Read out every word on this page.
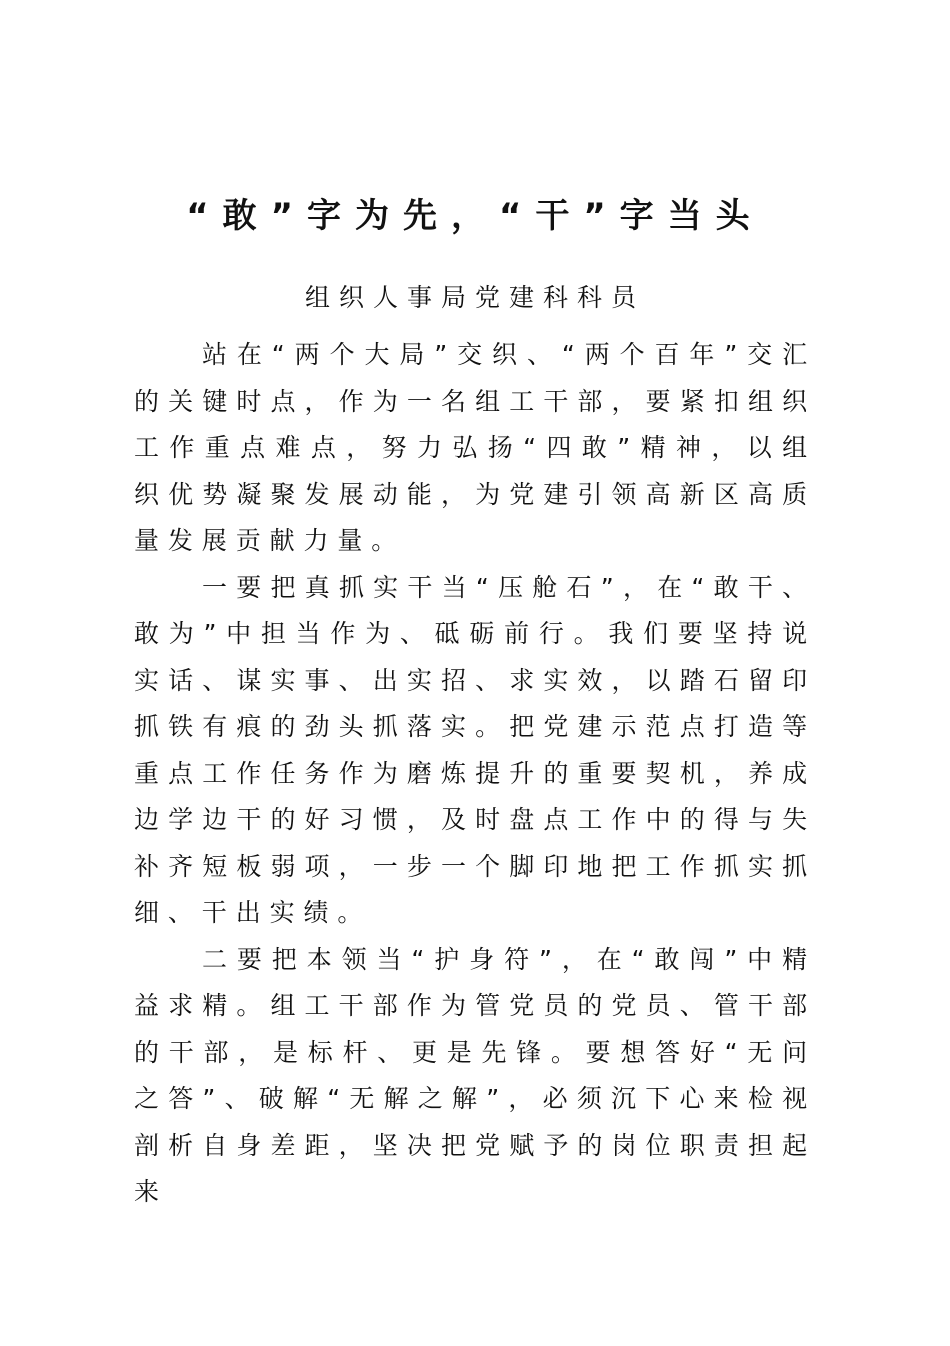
“敢”字为先，“干”字当头
组织人事局党建科科员

站在“两个大局”交织、“两个百年”交汇的关键时点，作为一名组工干部，要紧扣组织工作重点难点，努力弘扬“四敢”精神，以组织优势凝聚发展动能，为党建引领高新区高质量发展贡献力量。

一要把真抓实干当“压舱石”，在“敢干、敢为”中担当作为、砥砺前行。我们要坚持说实话、谋实事、出实招、求实效，以踏石留印抓铁有痕的劲头抓落实。把党建示范点打造等重点工作任务作为磨炼提升的重要契机，养成边学边干的好习惯，及时盘点工作中的得与失补齐短板弱项，一步一个脚印地把工作抓实抓细、干出实绩。

二要把本领当“护身符”，在“敢闯”中精益求精。组工干部作为管党员的党员、管干部的干部，是标杆、更是先锋。要想答好“无问之答”、破解“无解之解”，必须沉下心来检视剖析自身差距，坚决把党赋予的岗位职责担起来
